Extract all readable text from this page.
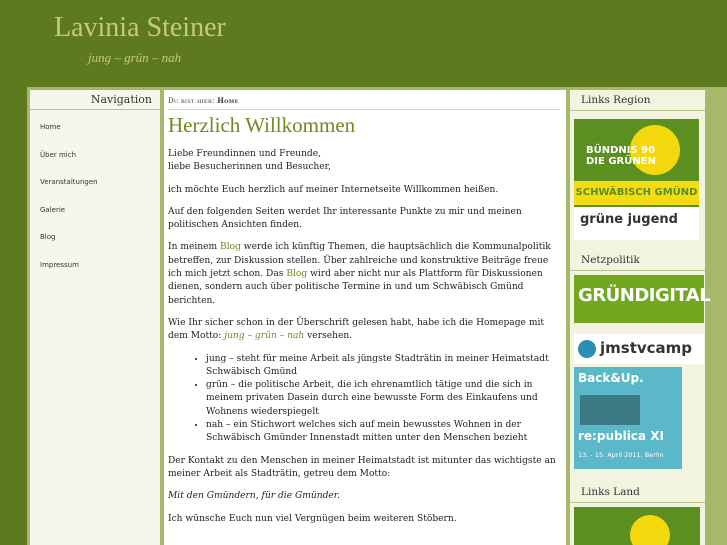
Lavinia Steiner
jung – grün – nah
Navigation
Home
Über mich
Veranstaltungen
Galerie
Blog
Impressum
Du bist hier: Home
Herzlich Willkommen

Liebe Freundinnen und Freunde,
liebe Besucherinnen und Besucher,

ich möchte Euch herzlich auf meiner Internetseite Willkommen heißen.

Auf den folgenden Seiten werdet Ihr interessante Punkte zu mir und meinen politischen Ansichten finden.

In meinem Blog werde ich künftig Themen, die hauptsächlich die Kommunalpolitik betreffen, zur Diskussion stellen. Über zahlreiche und konstruktive Beiträge freue ich mich jetzt schon. Das Blog wird aber nicht nur als Plattform für Diskussionen dienen, sondern auch über politische Termine in und um Schwäbisch Gmünd berichten.

Wie Ihr sicher schon in der Überschrift gelesen habt, habe ich die Homepage mit dem Motto: jung – grün – nah versehen.

• jung – steht für meine Arbeit als jüngste Stadträtin in meiner Heimatstadt Schwäbisch Gmünd
• grün – die politische Arbeit, die ich ehrenamtlich tätige und die sich in meinem privaten Dasein durch eine bewusste Form des Einkaufens und Wohnens wiederspiegelt
• nah – ein Stichwort welches sich auf mein bewusstes Wohnen in der Schwäbisch Gmünder Innenstadt mitten unter den Menschen bezieht

Der Kontakt zu den Menschen in meiner Heimatstadt ist mitunter das wichtigste an meiner Arbeit als Stadträtin, getreu dem Motto:

Mit den Gmündern, für die Gmünder.

Ich wünsche Euch nun viel Vergnügen beim weiteren Stöbern.

Links Region
BÜNDNIS 90
DIE GRÜNEN
SCHWÄBISCH GMÜND
grüne jugend
Netzpolitik
GRÜNDIGITAL
jmstvcamp
Back&Up.
re:publica XI
13. - 15. April 2011, Berlin
Links Land
